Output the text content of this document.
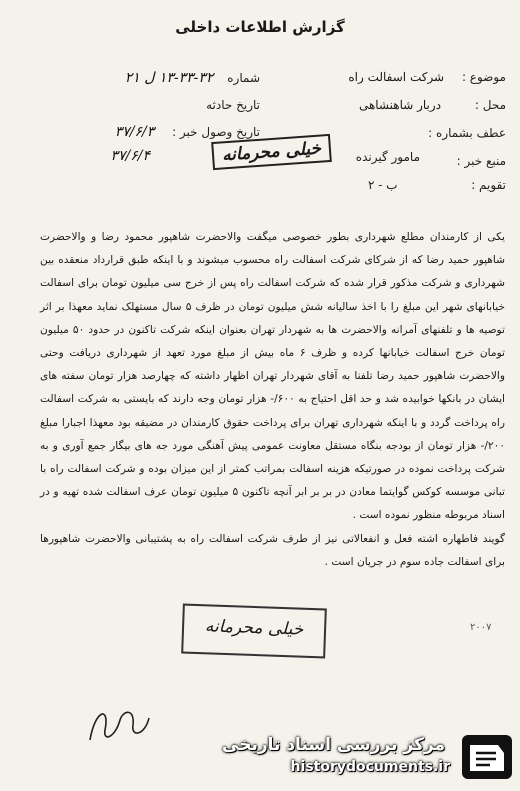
گزارش اطلاعات داخلی
موضوع : شرکت اسفالت راه
محل : دربار شاهنشاهی
عطف بشماره :
منبع خبر :
تقویم : ب - ۲
شماره ۳۲-۳۳-۱۳ ل ۲۱
تاریخ حادثه
تاریخ وصول خبر : ۳۷/۶/۳
۳۷/۶/۴	مامور گیرنده
خیلی محرمانه

یکی از کارمندان مطلع شهرداری بطور خصوصی میگفت والاحضرت شاهپور محمود رضا و والاحضرت شاهپور حمید رضا که از شرکای شرکت اسفالت راه محسوب میشوند و با اینکه طبق قرارداد منعقده بین شهرداری و شرکت مذکور قرار شده که شرکت اسفالت راه پس از خرج سی میلیون تومان برای اسفالت خیابانهای شهر این مبلغ را با اخذ سالیانه شش میلیون تومان در ظرف ۵ سال مستهلک نماید معهذا بر اثر توصیه ها و تلفنهای آمرانه والاحضرت ها به شهردار تهران بعنوان اینکه شرکت تاکنون در حدود ۵۰ میلیون تومان خرج اسفالت خیابانها کرده و ظرف ۶ ماه بیش از مبلغ مورد تعهد از شهرداری دریافت وحتی والاحضرت شاهپور حمید رضا تلفنا به آقای شهردار تهران اظهار داشته که چهارصد هزار تومان سفته های ایشان در بانکها خوابیده شد و حد اقل احتیاج به ۶۰۰/- هزار تومان وجه دارند که بایستی به شرکت اسفالت راه پرداخت گردد و با اینکه شهرداری تهران برای پرداخت حقوق کارمندان در مضیقه بود معهذا اجبارا مبلغ ۲۰۰/- هزار تومان از بودجه بنگاه مستقل معاونت عمومی پیش آهنگی مورد جه های بیگار جمع آوری و به شرکت پرداخت نموده در صورتیکه هزینه اسفالت بمراتب کمتر از این میزان بوده و شرکت اسفالت راه با تبانی موسسه کوکس گوایتما معادن در بر بر ابر آنچه تاکنون ۵ میلیون تومان عرف اسفالت شده تهیه و در اسناد مربوطه منظور نموده است .

گویند فاطهاره اشته فعل و انفعالاتی نیز از طرف شرکت اسفالت راه به پشتیبانی والاحضرت شاهپورها برای اسفالت جاده سوم در جریان است .

خیلی محرمانه	۲۰۰۷
مرکز بررسی اسناد تاریخی
historydocuments.ir
